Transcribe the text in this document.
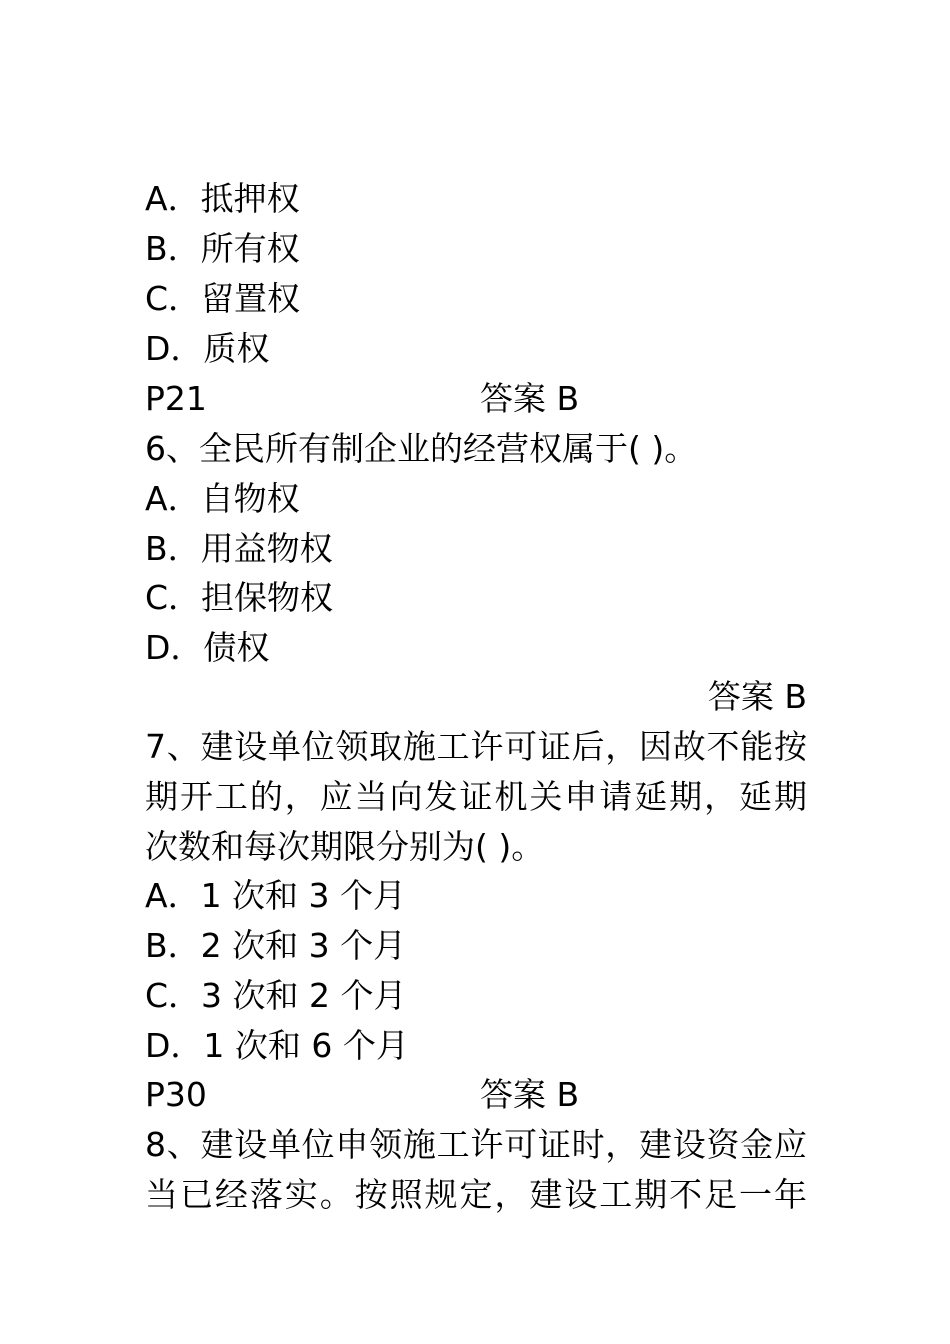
A．抵押权
B．所有权
C．留置权
D．质权
P21	答案 B
6、全民所有制企业的经营权属于( )。
A．自物权
B．用益物权
C．担保物权
D．债权
答案 B
7、建设单位领取施工许可证后，因故不能按
期开工的，应当向发证机关申请延期，延期
次数和每次期限分别为( )。
A．1 次和 3 个月
B．2 次和 3 个月
C．3 次和 2 个月
D．1 次和 6 个月
P30	答案 B
8、建设单位申领施工许可证时，建设资金应
当已经落实。按照规定，建设工期不足一年
